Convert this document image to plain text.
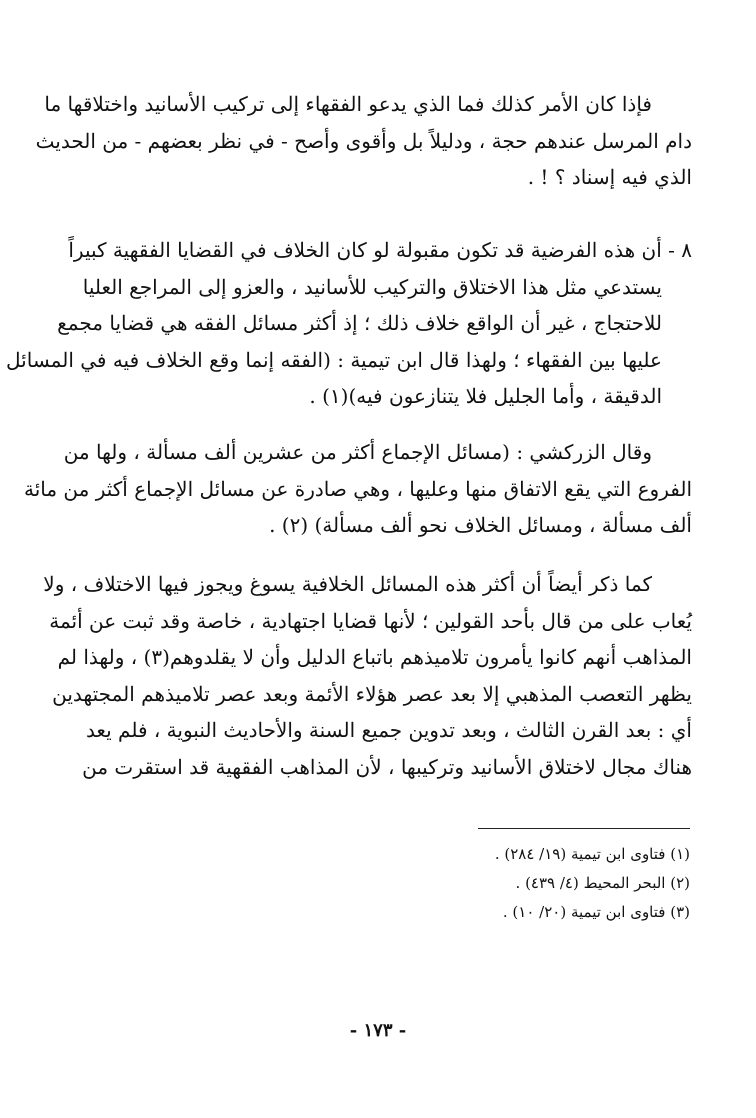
فإذا كان الأمر كذلك فما الذي يدعو الفقهاء إلى تركيب الأسانيد واختلاقها ما
دام المرسل عندهم حجة ، ودليلاً بل وأقوى وأصح - في نظر بعضهم - من الحديث
الذي فيه إسناد ؟ ! .
٨ - أن هذه الفرضية قد تكون مقبولة لو كان الخلاف في القضايا الفقهية كبيراً
يستدعي مثل هذا الاختلاق والتركيب للأسانيد ، والعزو إلى المراجع العليا
للاحتجاج ، غير أن الواقع خلاف ذلك ؛ إذ أكثر مسائل الفقه هي قضايا مجمع
عليها بين الفقهاء ؛ ولهذا قال ابن تيمية : (الفقه إنما وقع الخلاف فيه في المسائل
الدقيقة ، وأما الجليل فلا يتنازعون فيه)(١) .
وقال الزركشي : (مسائل الإجماع أكثر من عشرين ألف مسألة ، ولها من
الفروع التي يقع الاتفاق منها وعليها ، وهي صادرة عن مسائل الإجماع أكثر من مائة
ألف مسألة ، ومسائل الخلاف نحو ألف مسألة) (٢) .
كما ذكر أيضاً أن أكثر هذه المسائل الخلافية يسوغ ويجوز فيها الاختلاف ، ولا
يُعاب على من قال بأحد القولين ؛ لأنها قضايا اجتهادية ، خاصة وقد ثبت عن أئمة
المذاهب أنهم كانوا يأمرون تلاميذهم باتباع الدليل وأن لا يقلدوهم(٣) ، ولهذا لم
يظهر التعصب المذهبي إلا بعد عصر هؤلاء الأئمة وبعد عصر تلاميذهم المجتهدين
أي : بعد القرن الثالث ، وبعد تدوين جميع السنة والأحاديث النبوية ، فلم يعد
هناك مجال لاختلاق الأسانيد وتركيبها ، لأن المذاهب الفقهية قد استقرت من
(١) فتاوى ابن تيمية (١٩/ ٢٨٤) .
(٢) البحر المحيط (٤/ ٤٣٩) .
(٣) فتاوى ابن تيمية (٢٠/ ١٠) .
- ١٧٣ -
